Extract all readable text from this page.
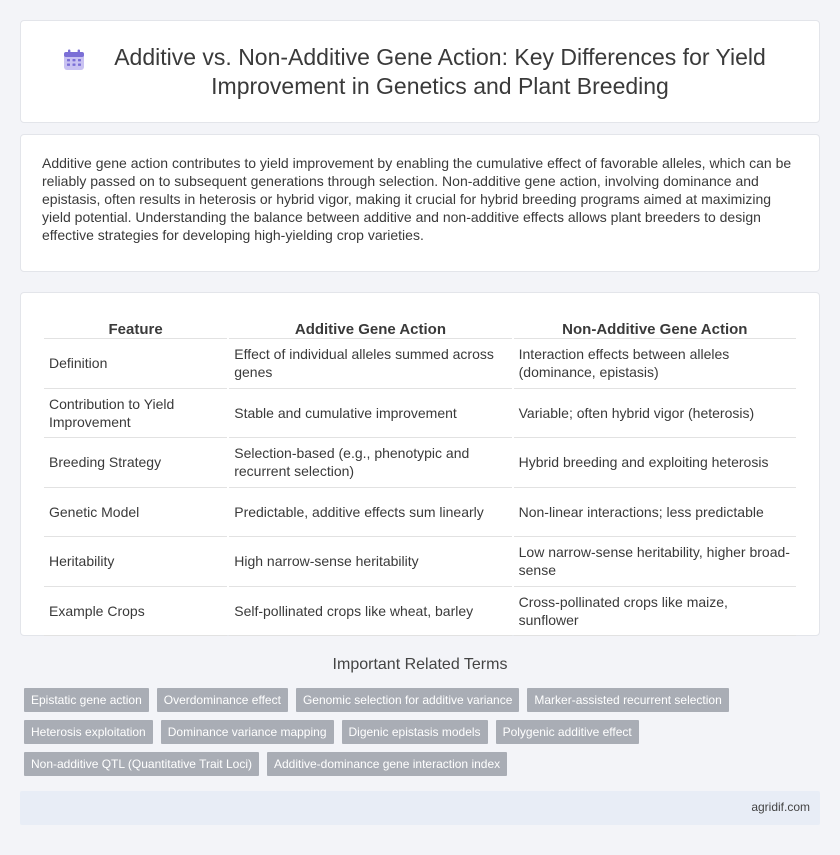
Additive vs. Non-Additive Gene Action: Key Differences for Yield Improvement in Genetics and Plant Breeding

Additive gene action contributes to yield improvement by enabling the cumulative effect of favorable alleles, which can be reliably passed on to subsequent generations through selection. Non-additive gene action, involving dominance and epistasis, often results in heterosis or hybrid vigor, making it crucial for hybrid breeding programs aimed at maximizing yield potential. Understanding the balance between additive and non-additive effects allows plant breeders to design effective strategies for developing high-yielding crop varieties.

Feature	Additive Gene Action	Non-Additive Gene Action
Definition	Effect of individual alleles summed across genes	Interaction effects between alleles (dominance, epistasis)
Contribution to Yield Improvement	Stable and cumulative improvement	Variable; often hybrid vigor (heterosis)
Breeding Strategy	Selection-based (e.g., phenotypic and recurrent selection)	Hybrid breeding and exploiting heterosis
Genetic Model	Predictable, additive effects sum linearly	Non-linear interactions; less predictable
Heritability	High narrow-sense heritability	Low narrow-sense heritability, higher broad-sense
Example Crops	Self-pollinated crops like wheat, barley	Cross-pollinated crops like maize, sunflower
Important Related Terms
Epistatic gene action	Overdominance effect	Genomic selection for additive variance	Marker-assisted recurrent selection
Heterosis exploitation	Dominance variance mapping	Digenic epistasis models	Polygenic additive effect
Non-additive QTL (Quantitative Trait Loci)	Additive-dominance gene interaction index
agridif.com
